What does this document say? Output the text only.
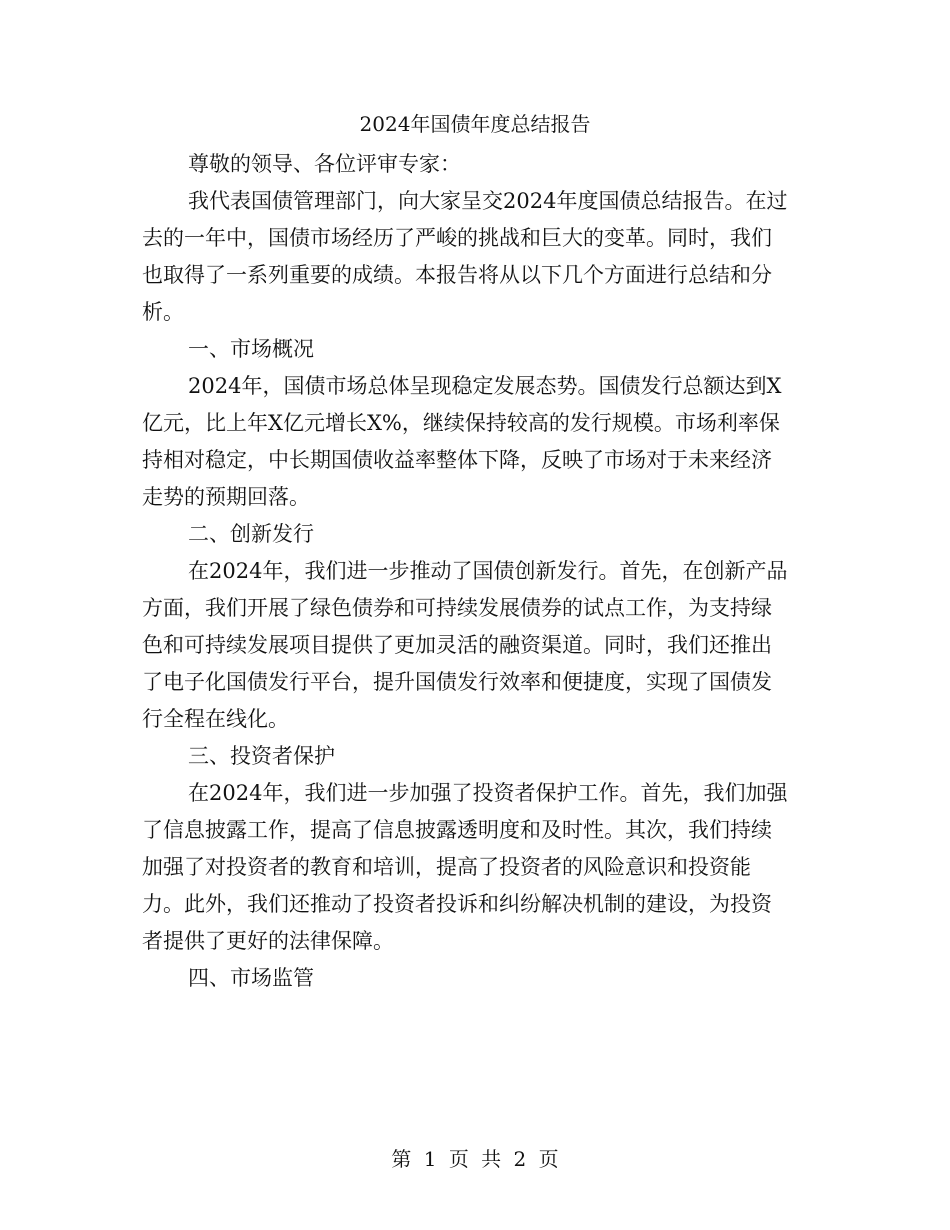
2024年国债年度总结报告
尊敬的领导、各位评审专家：
我代表国债管理部门，向大家呈交2024年度国债总结报告。在过
去的一年中，国债市场经历了严峻的挑战和巨大的变革。同时，我们
也取得了一系列重要的成绩。本报告将从以下几个方面进行总结和分
析。
一、市场概况
2024年，国债市场总体呈现稳定发展态势。国债发行总额达到X
亿元，比上年X亿元增长X%，继续保持较高的发行规模。市场利率保
持相对稳定，中长期国债收益率整体下降，反映了市场对于未来经济
走势的预期回落。
二、创新发行
在2024年，我们进一步推动了国债创新发行。首先，在创新产品
方面，我们开展了绿色债券和可持续发展债券的试点工作，为支持绿
色和可持续发展项目提供了更加灵活的融资渠道。同时，我们还推出
了电子化国债发行平台，提升国债发行效率和便捷度，实现了国债发
行全程在线化。
三、投资者保护
在2024年，我们进一步加强了投资者保护工作。首先，我们加强
了信息披露工作，提高了信息披露透明度和及时性。其次，我们持续
加强了对投资者的教育和培训，提高了投资者的风险意识和投资能
力。此外，我们还推动了投资者投诉和纠纷解决机制的建设，为投资
者提供了更好的法律保障。
四、市场监管
第 1 页 共 2 页
